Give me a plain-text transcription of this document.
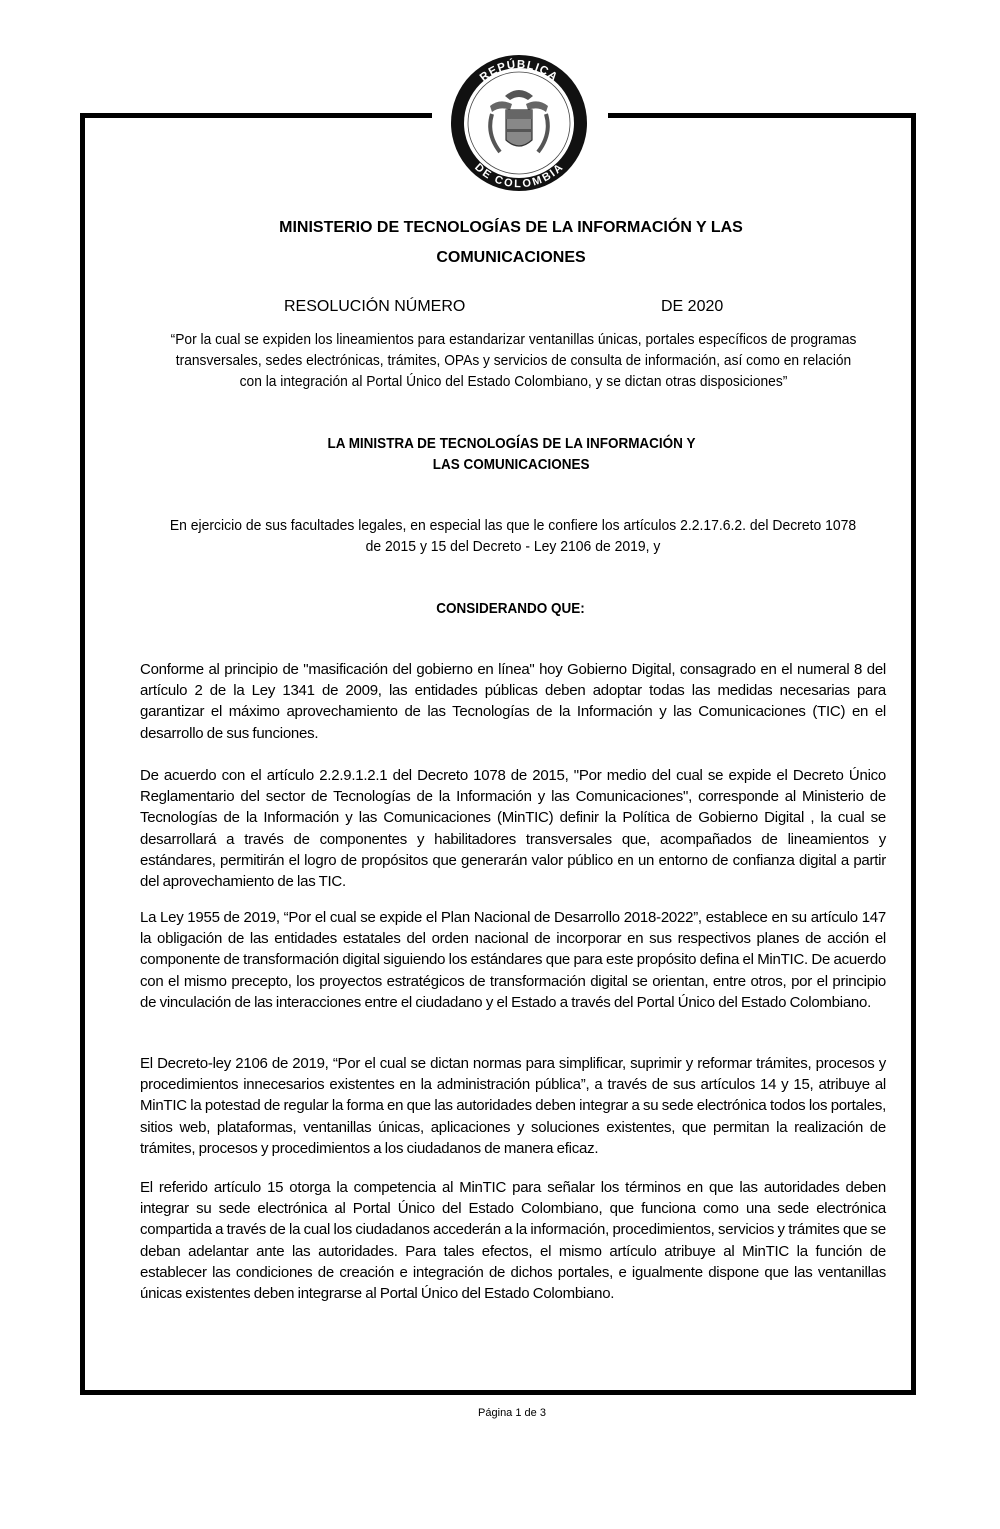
REPÚBLICA
DE COLOMBIA
MINISTERIO DE TECNOLOGÍAS DE LA INFORMACIÓN Y LAS
COMUNICACIONES
RESOLUCIÓN NÚMERO	DE 2020
“Por la cual se expiden los lineamientos para estandarizar ventanillas únicas, portales específicos de programas
transversales, sedes electrónicas, trámites, OPAs y servicios de consulta de información, así como en relación
con la integración al Portal Único del Estado Colombiano, y se dictan otras disposiciones”
LA MINISTRA DE TECNOLOGÍAS DE LA INFORMACIÓN Y
LAS COMUNICACIONES
En ejercicio de sus facultades legales, en especial las que le confiere los artículos 2.2.17.6.2. del Decreto 1078
de 2015 y 15 del Decreto - Ley 2106 de 2019, y
CONSIDERANDO QUE:
Conforme al principio de "masificación del gobierno en línea" hoy Gobierno Digital, consagrado en el numeral 8 del artículo 2 de la Ley 1341 de 2009, las entidades públicas deben adoptar todas las medidas necesarias para garantizar el máximo aprovechamiento de las Tecnologías de la Información y las Comunicaciones (TIC) en el desarrollo de sus funciones.
De acuerdo con el artículo 2.2.9.1.2.1 del Decreto 1078 de 2015, "Por medio del cual se expide el Decreto Único Reglamentario del sector de Tecnologías de la Información y las Comunicaciones", corresponde al Ministerio de Tecnologías de la Información y las Comunicaciones (MinTIC) definir la Política de Gobierno Digital , la cual se desarrollará a través de componentes y habilitadores transversales que, acompañados de lineamientos y estándares, permitirán el logro de propósitos que generarán valor público en un entorno de confianza digital a partir del aprovechamiento de las TIC.
La Ley 1955 de 2019, “Por el cual se expide el Plan Nacional de Desarrollo 2018-2022”, establece en su artículo 147 la obligación de las entidades estatales del orden nacional de incorporar en sus respectivos planes de acción el componente de transformación digital siguiendo los estándares que para este propósito defina el MinTIC. De acuerdo con el mismo precepto, los proyectos estratégicos de transformación digital se orientan, entre otros, por el principio de vinculación de las interacciones entre el ciudadano y el Estado a través del Portal Único del Estado Colombiano.
El Decreto-ley 2106 de 2019, “Por el cual se dictan normas para simplificar, suprimir y reformar trámites, procesos y procedimientos innecesarios existentes en la administración pública”, a través de sus artículos 14 y 15, atribuye al MinTIC la potestad de regular la forma en que las autoridades deben integrar a su sede electrónica todos los portales, sitios web, plataformas, ventanillas únicas, aplicaciones y soluciones existentes, que permitan la realización de trámites, procesos y procedimientos a los ciudadanos de manera eficaz.
El referido artículo 15 otorga la competencia al MinTIC para señalar los términos en que las autoridades deben integrar su sede electrónica al Portal Único del Estado Colombiano, que funciona como una sede electrónica compartida a través de la cual los ciudadanos accederán a la información, procedimientos, servicios y trámites que se deban adelantar ante las autoridades. Para tales efectos, el mismo artículo atribuye al MinTIC la función de establecer las condiciones de creación e integración de dichos portales, e igualmente dispone que las ventanillas únicas existentes deben integrarse al Portal Único del Estado Colombiano.
Página 1 de 3
